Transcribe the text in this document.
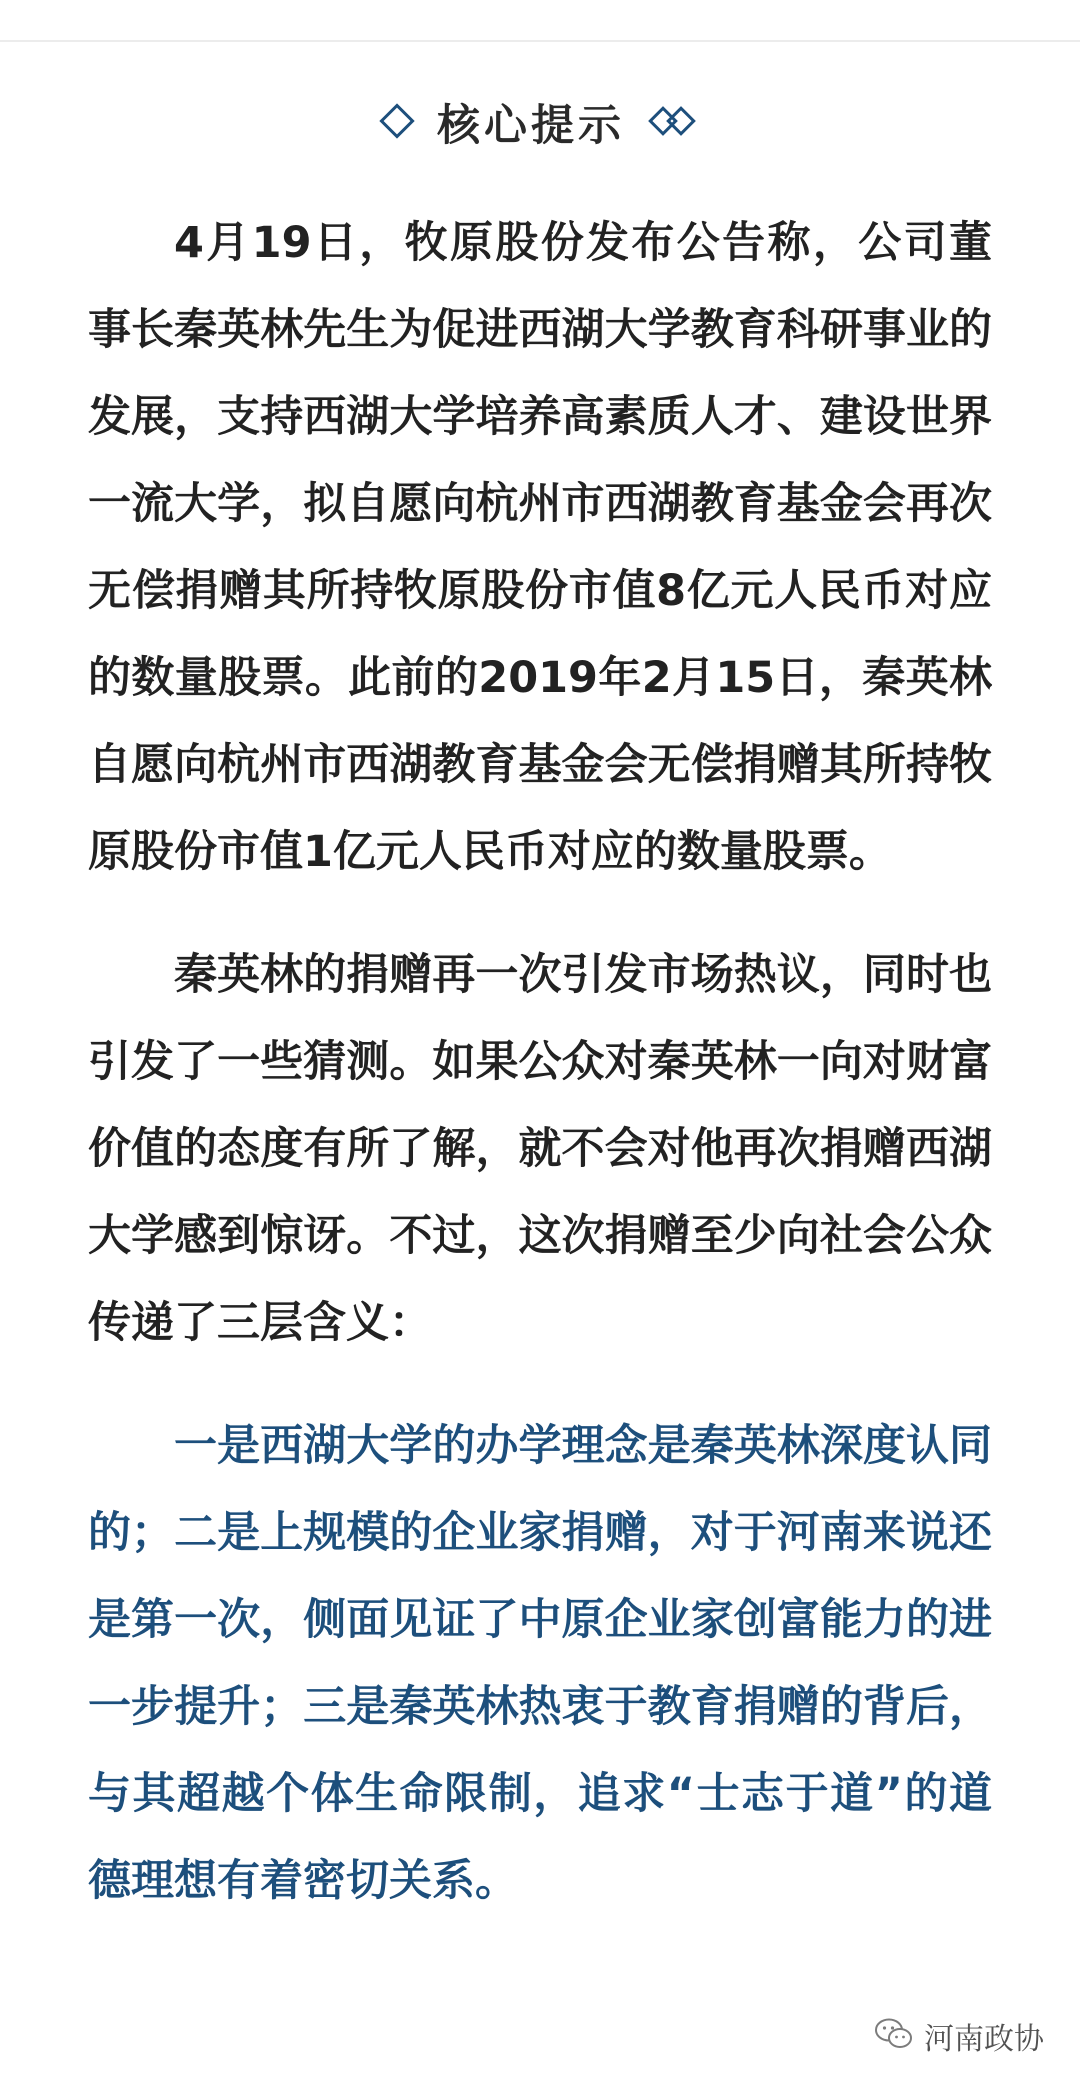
核心提示

4月19日，牧原股份发布公告称，公司董事长秦英林先生为促进西湖大学教育科研事业的发展，支持西湖大学培养高素质人才、建设世界一流大学，拟自愿向杭州市西湖教育基金会再次无偿捐赠其所持牧原股份市值8亿元人民币对应的数量股票。此前的2019年2月15日，秦英林自愿向杭州市西湖教育基金会无偿捐赠其所持牧原股份市值1亿元人民币对应的数量股票。

秦英林的捐赠再一次引发市场热议，同时也引发了一些猜测。如果公众对秦英林一向对财富价值的态度有所了解，就不会对他再次捐赠西湖大学感到惊讶。不过，这次捐赠至少向社会公众传递了三层含义：

一是西湖大学的办学理念是秦英林深度认同的；二是上规模的企业家捐赠，对于河南来说还是第一次，侧面见证了中原企业家创富能力的进一步提升；三是秦英林热衷于教育捐赠的背后，与其超越个体生命限制，追求“士志于道”的道德理想有着密切关系。

河南政协
